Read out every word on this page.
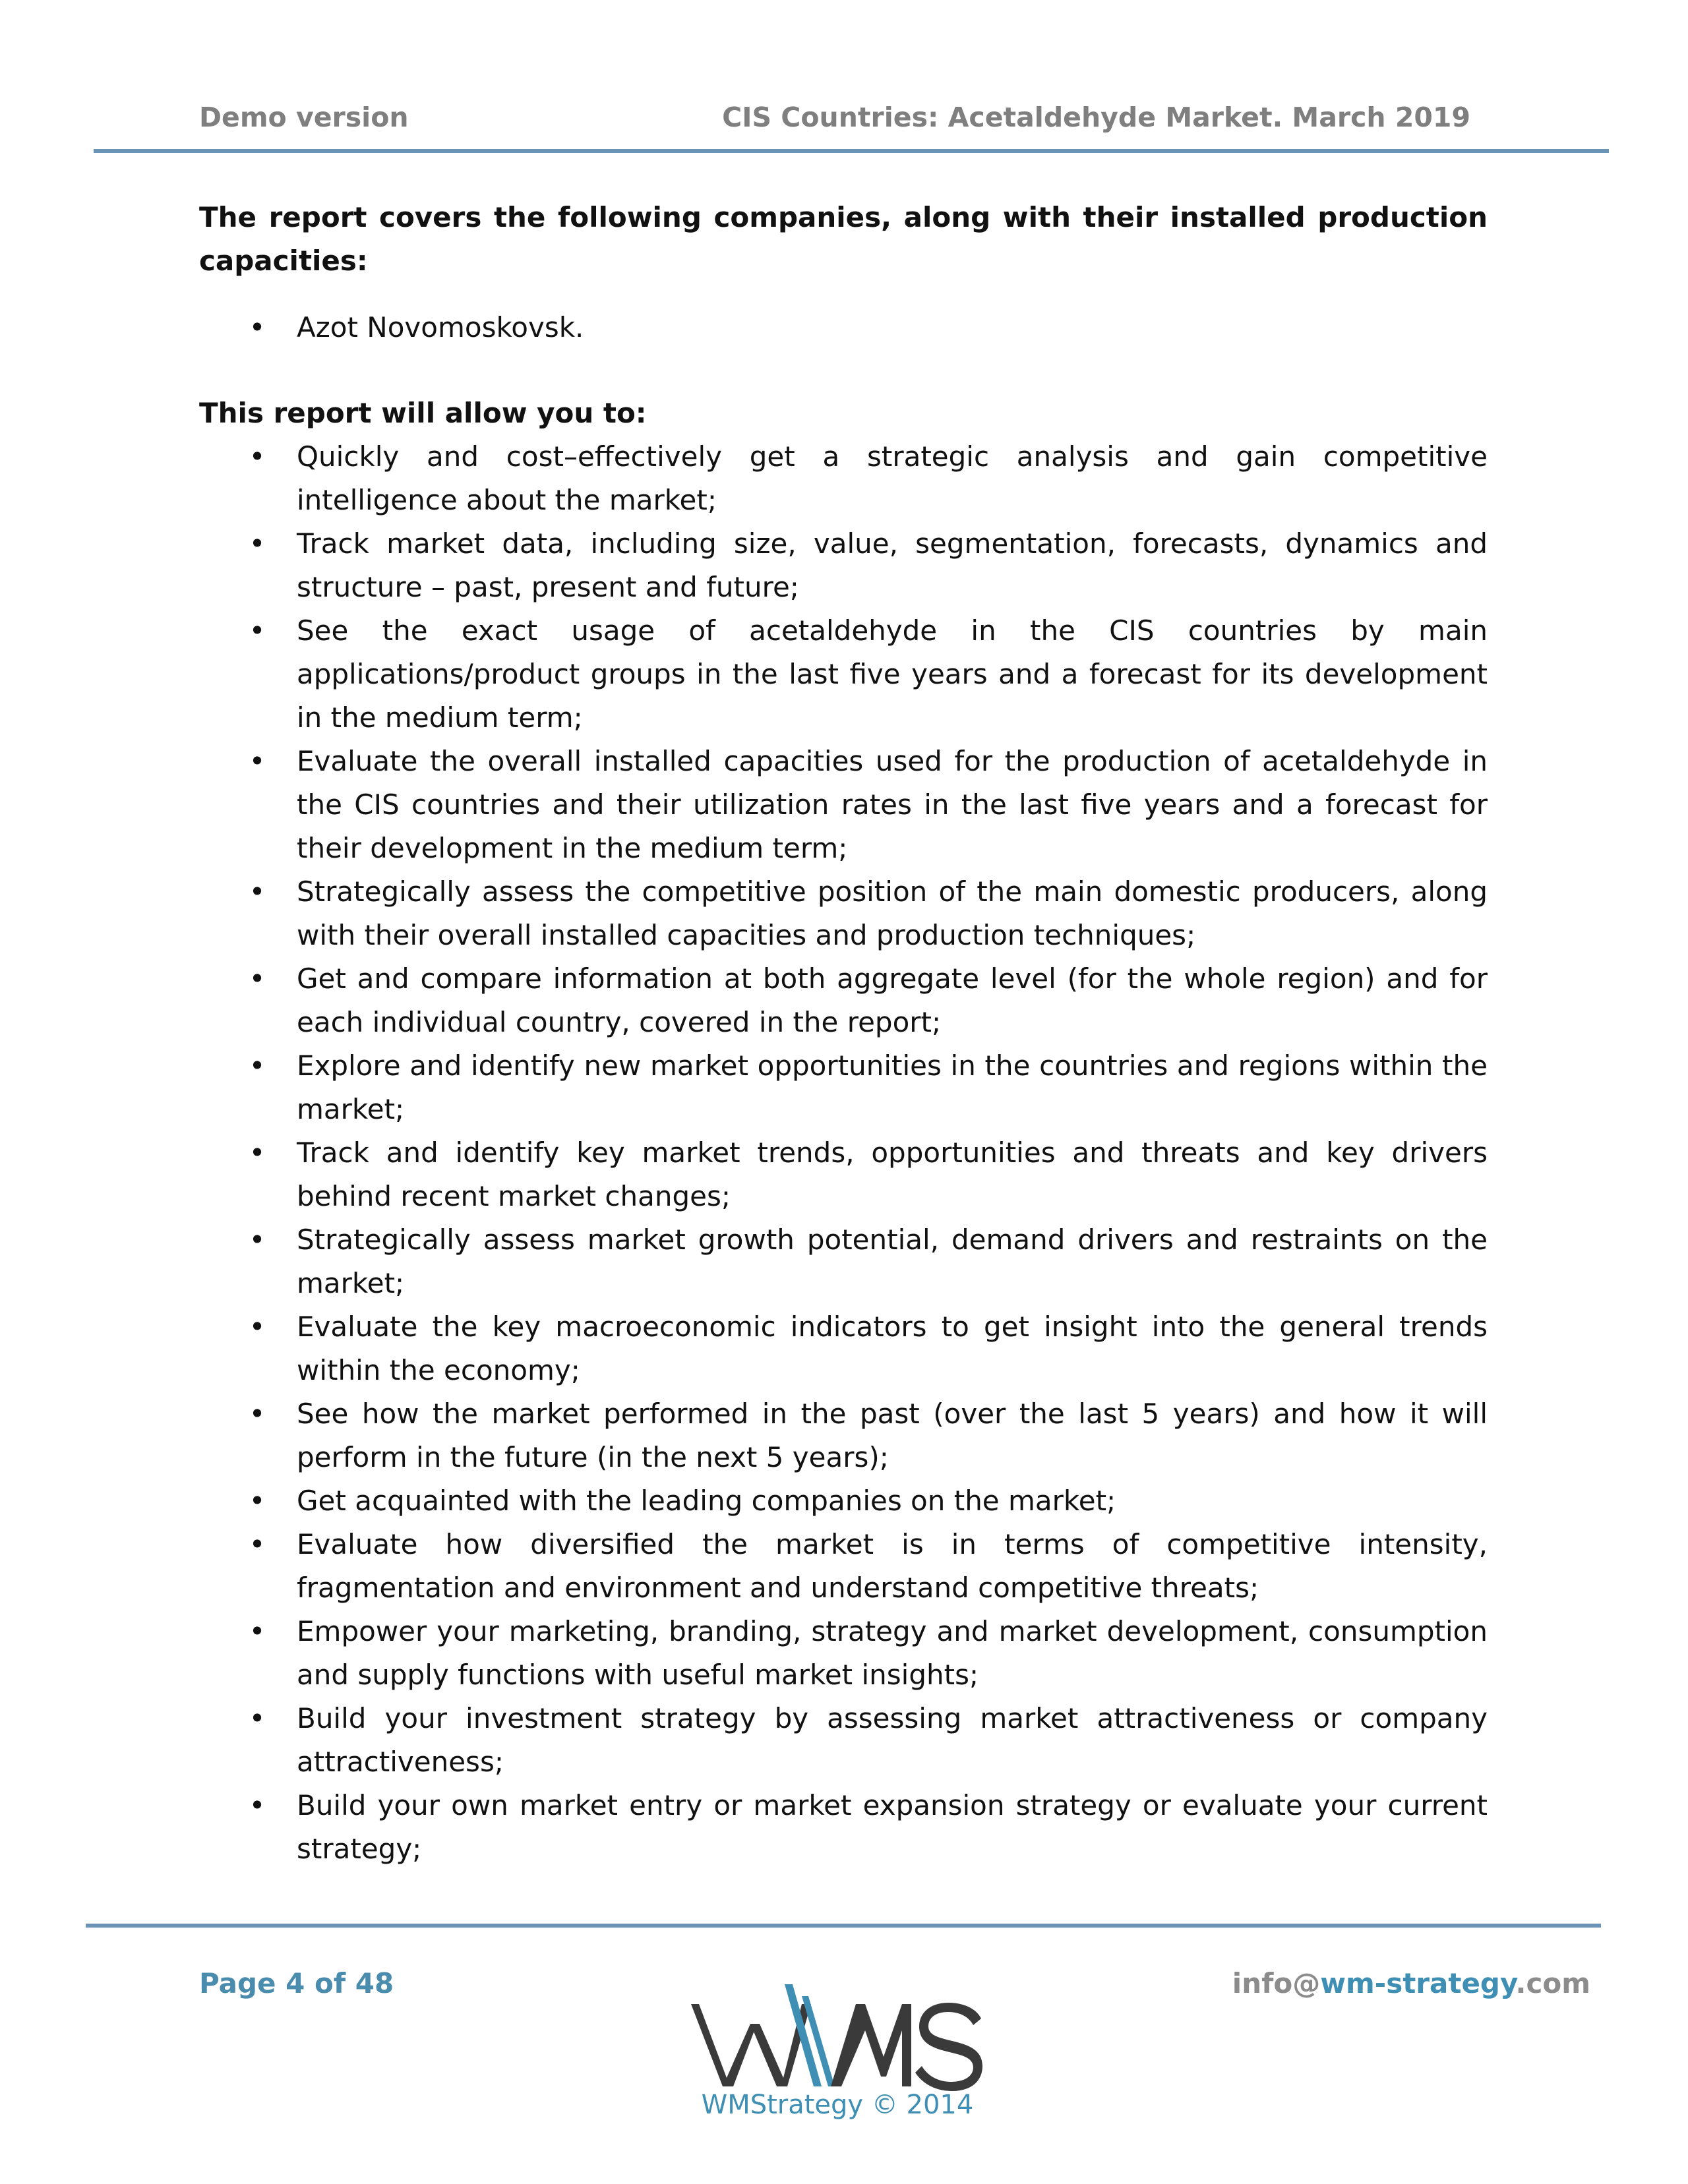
Demo version	CIS Countries: Acetaldehyde Market. March 2019

The report covers the following companies, along with their installed production capacities:

• Azot Novomoskovsk.

This report will allow you to:

• Quickly and cost–effectively get a strategic analysis and gain competitive intelligence about the market;
• Track market data, including size, value, segmentation, forecasts, dynamics and structure – past, present and future;
• See the exact usage of acetaldehyde in the CIS countries by main applications/product groups in the last five years and a forecast for its development in the medium term;
• Evaluate the overall installed capacities used for the production of acetaldehyde in the CIS countries and their utilization rates in the last five years and a forecast for their development in the medium term;
• Strategically assess the competitive position of the main domestic producers, along with their overall installed capacities and production techniques;
• Get and compare information at both aggregate level (for the whole region) and for each individual country, covered in the report;
• Explore and identify new market opportunities in the countries and regions within the market;
• Track and identify key market trends, opportunities and threats and key drivers behind recent market changes;
• Strategically assess market growth potential, demand drivers and restraints on the market;
• Evaluate the key macroeconomic indicators to get insight into the general trends within the economy;
• See how the market performed in the past (over the last 5 years) and how it will perform in the future (in the next 5 years);
• Get acquainted with the leading companies on the market;
• Evaluate how diversified the market is in terms of competitive intensity, fragmentation and environment and understand competitive threats;
• Empower your marketing, branding, strategy and market development, consumption and supply functions with useful market insights;
• Build your investment strategy by assessing market attractiveness or company attractiveness;
• Build your own market entry or market expansion strategy or evaluate your current strategy;
Page 4 of 48	info@wm-strategy.com
WMS
WMStrategy © 2014
